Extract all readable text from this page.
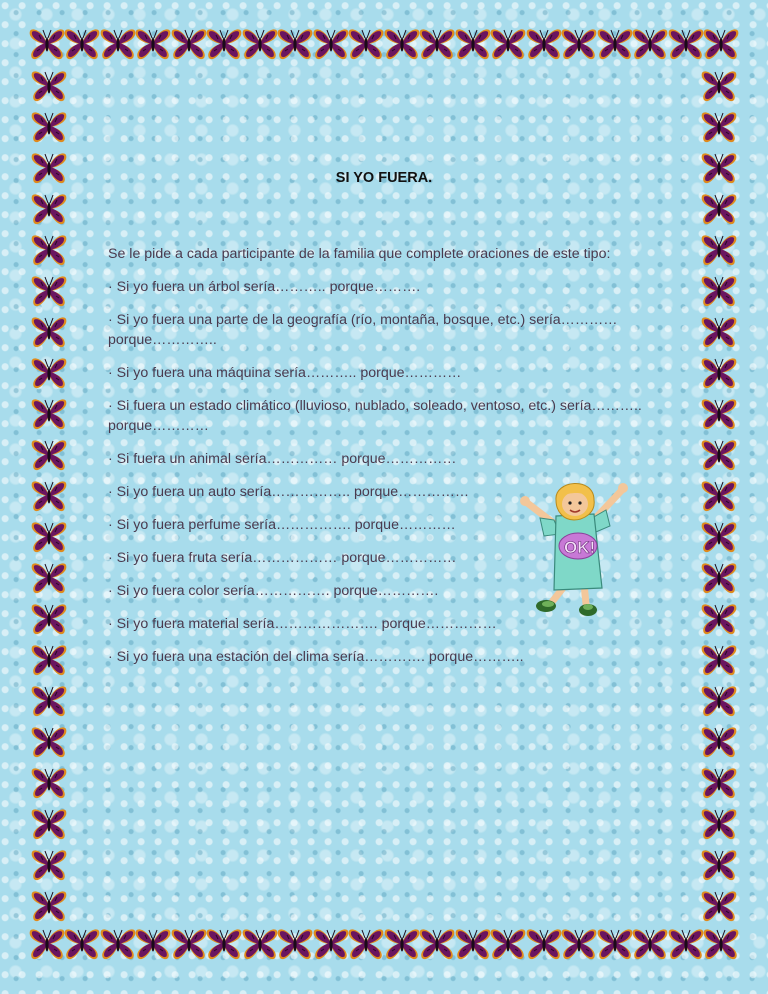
SI YO FUERA.

Se le pide a cada participante de la familia que complete oraciones de este tipo:

· Si yo fuera un árbol sería……….. porque……….

· Si yo fuera una parte de la geografía (río, montaña, bosque, etc.) sería………… porque…………..

· Si yo fuera una máquina sería……….. porque…………

· Si fuera un estado climático (lluvioso, nublado, soleado, ventoso, etc.) sería……….. porque…………

· Si fuera un animal sería…………… porque……………

· Si yo fuera un auto sería…………….. porque……………

· Si yo fuera perfume sería……………. porque…………

· Si yo fuera fruta sería……………… porque……………

· Si yo fuera color sería……………. porque………….

· Si yo fuera material sería…………………. porque……………

· Si yo fuera una estación del clima sería…………. porque………..

OK!
